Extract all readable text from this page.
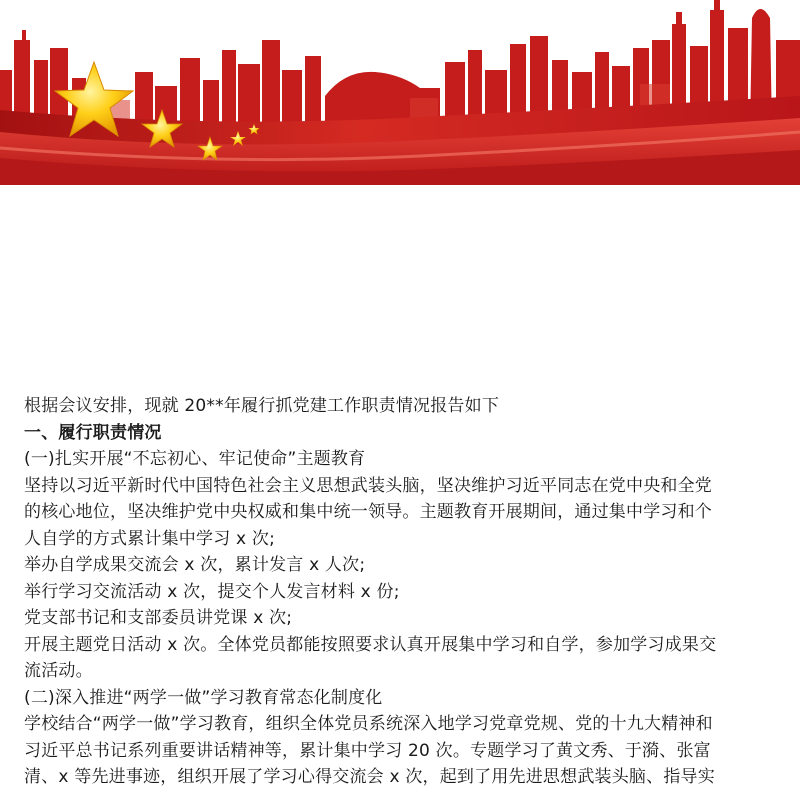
根据会议安排，现就 20**年履行抓党建工作职责情况报告如下

一、履行职责情况

(一)扎实开展“不忘初心、牢记使命”主题教育

坚持以习近平新时代中国特色社会主义思想武装头脑，坚决维护习近平同志在党中央和全党

的核心地位，坚决维护党中央权威和集中统一领导。主题教育开展期间，通过集中学习和个

人自学的方式累计集中学习 x 次;

举办自学成果交流会 x 次，累计发言 x 人次;

举行学习交流活动 x 次，提交个人发言材料 x 份;

党支部书记和支部委员讲党课 x 次;

开展主题党日活动 x 次。全体党员都能按照要求认真开展集中学习和自学，参加学习成果交

流活动。

(二)深入推进“两学一做”学习教育常态化制度化

学校结合“两学一做”学习教育，组织全体党员系统深入地学习党章党规、党的十九大精神和

习近平总书记系列重要讲话精神等，累计集中学习 20 次。专题学习了黄文秀、于漪、张富

清、x 等先进事迹，组织开展了学习心得交流会 x 次，起到了用先进思想武装头脑、指导实
